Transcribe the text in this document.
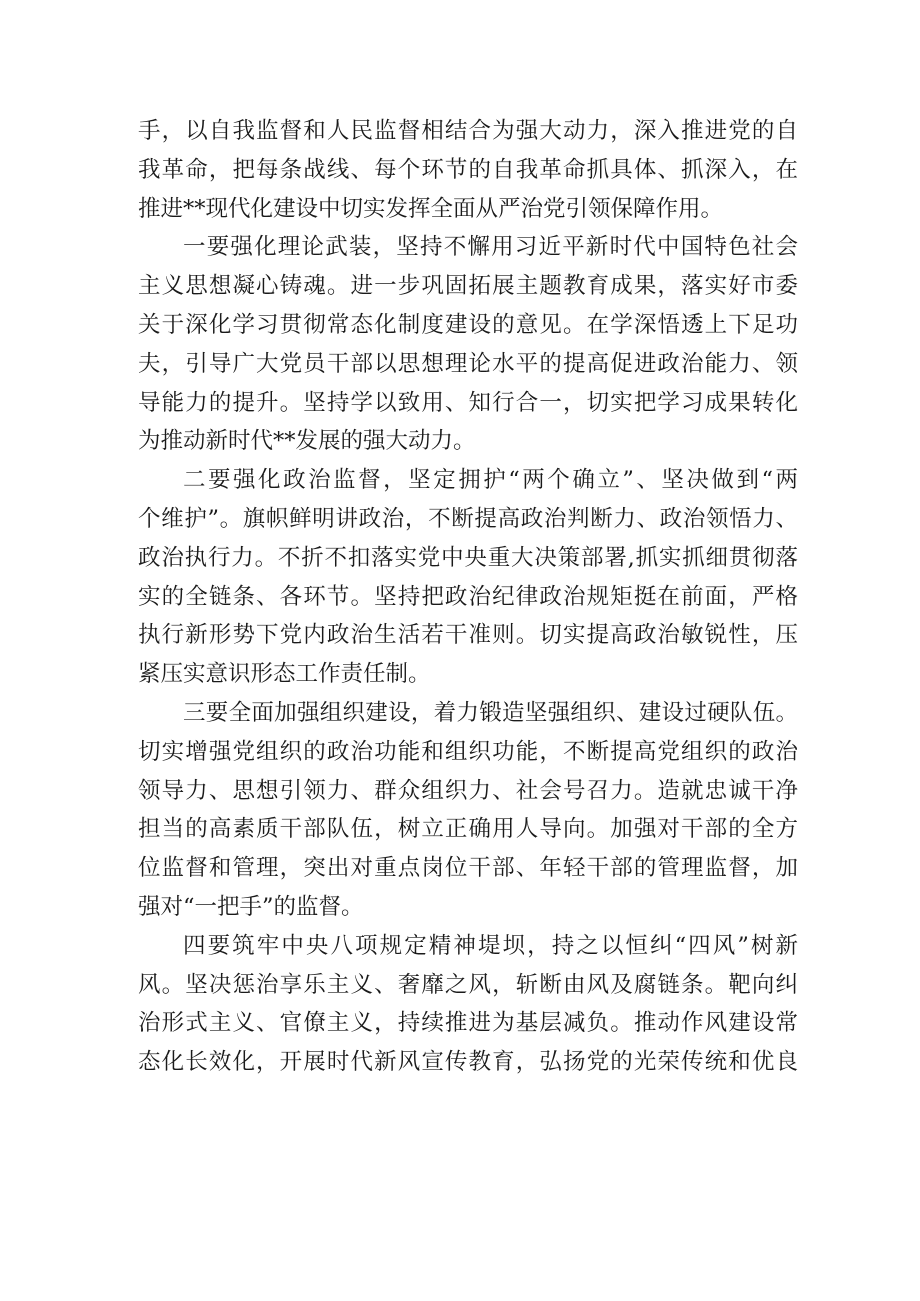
手，以自我监督和人民监督相结合为强大动力，深入推进党的自
我革命，把每条战线、每个环节的自我革命抓具体、抓深入，在
推进**现代化建设中切实发挥全面从严治党引领保障作用。
一要强化理论武装，坚持不懈用习近平新时代中国特色社会
主义思想凝心铸魂。进一步巩固拓展主题教育成果，落实好市委
关于深化学习贯彻常态化制度建设的意见。在学深悟透上下足功
夫，引导广大党员干部以思想理论水平的提高促进政治能力、领
导能力的提升。坚持学以致用、知行合一，切实把学习成果转化
为推动新时代**发展的强大动力。
二要强化政治监督，坚定拥护“两个确立”、坚决做到“两
个维护”。旗帜鲜明讲政治，不断提高政治判断力、政治领悟力、
政治执行力。不折不扣落实党中央重大决策部署,抓实抓细贯彻落
实的全链条、各环节。坚持把政治纪律政治规矩挺在前面，严格
执行新形势下党内政治生活若干准则。切实提高政治敏锐性，压
紧压实意识形态工作责任制。
三要全面加强组织建设，着力锻造坚强组织、建设过硬队伍。
切实增强党组织的政治功能和组织功能，不断提高党组织的政治
领导力、思想引领力、群众组织力、社会号召力。造就忠诚干净
担当的高素质干部队伍，树立正确用人导向。加强对干部的全方
位监督和管理，突出对重点岗位干部、年轻干部的管理监督，加
强对“一把手”的监督。
四要筑牢中央八项规定精神堤坝，持之以恒纠“四风”树新
风。坚决惩治享乐主义、奢靡之风，斩断由风及腐链条。靶向纠
治形式主义、官僚主义，持续推进为基层减负。推动作风建设常
态化长效化，开展时代新风宣传教育，弘扬党的光荣传统和优良
